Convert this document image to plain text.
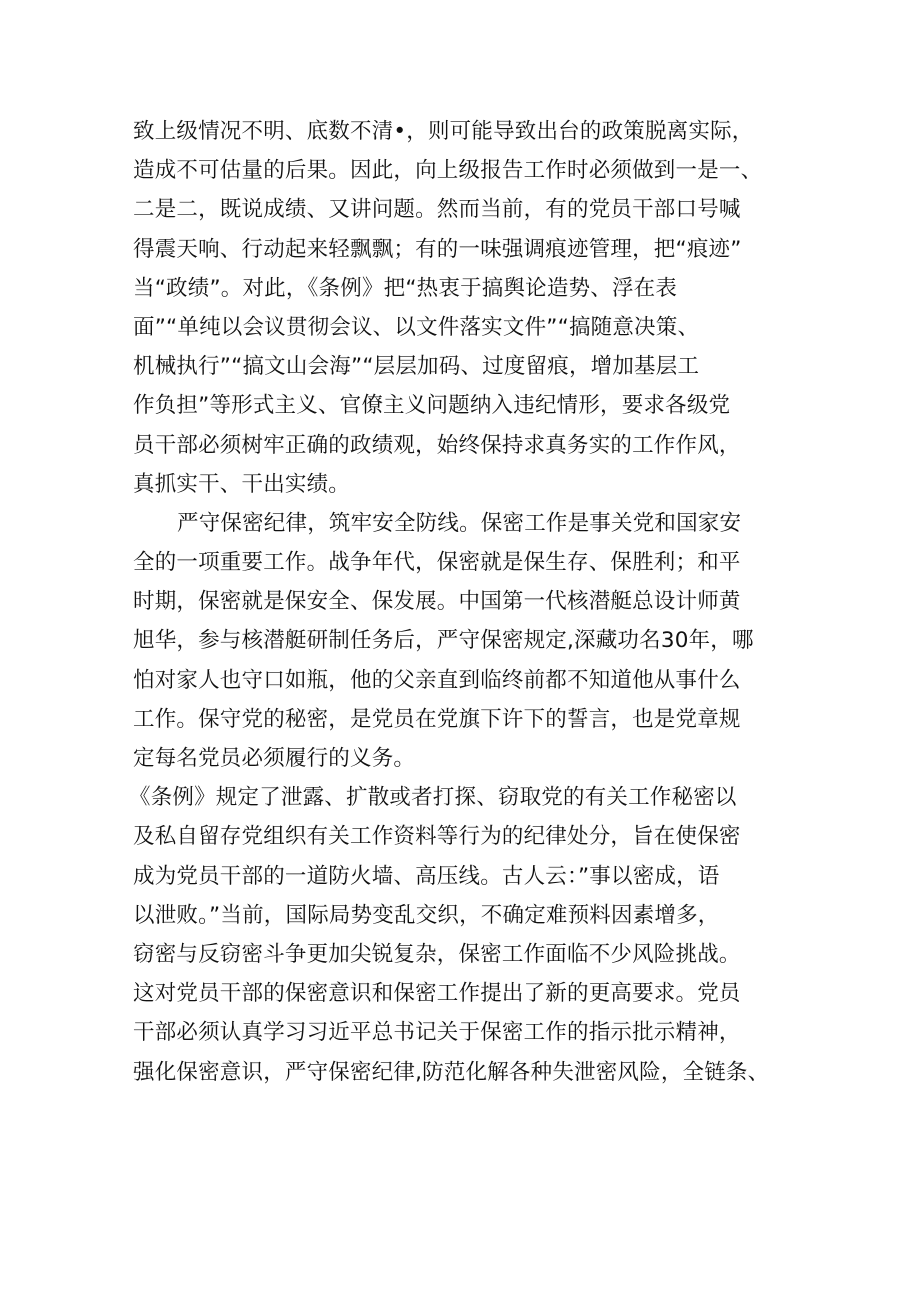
致上级情况不明、底数不清•，则可能导致出台的政策脱离实际，
造成不可估量的后果。因此，向上级报告工作时必须做到一是一、
二是二，既说成绩、又讲问题。然而当前，有的党员干部口号喊
得震天响、行动起来轻飘飘；有的一味强调痕迹管理，把“痕迹”
当“政绩”。对此，《条例》把“热衷于搞舆论造势、浮在表
面”“单纯以会议贯彻会议、以文件落实文件”“搞随意决策、
机械执行”“搞文山会海”“层层加码、过度留痕，增加基层工
作负担”等形式主义、官僚主义问题纳入违纪情形，要求各级党
员干部必须树牢正确的政绩观，始终保持求真务实的工作作风，
真抓实干、干出实绩。
严守保密纪律，筑牢安全防线。保密工作是事关党和国家安
全的一项重要工作。战争年代，保密就是保生存、保胜利；和平
时期，保密就是保安全、保发展。中国第一代核潜艇总设计师黄
旭华，参与核潜艇研制任务后，严守保密规定,深藏功名30年，哪
怕对家人也守口如瓶，他的父亲直到临终前都不知道他从事什么
工作。保守党的秘密，是党员在党旗下许下的誓言，也是党章规
定每名党员必须履行的义务。
《条例》规定了泄露、扩散或者打探、窃取党的有关工作秘密以
及私自留存党组织有关工作资料等行为的纪律处分，旨在使保密
成为党员干部的一道防火墙、高压线。古人云：”事以密成，语
以泄败。”当前，国际局势变乱交织，不确定难预料因素增多，
窃密与反窃密斗争更加尖锐复杂，保密工作面临不少风险挑战。
这对党员干部的保密意识和保密工作提出了新的更高要求。党员
干部必须认真学习习近平总书记关于保密工作的指示批示精神，
强化保密意识，严守保密纪律,防范化解各种失泄密风险，全链条、
